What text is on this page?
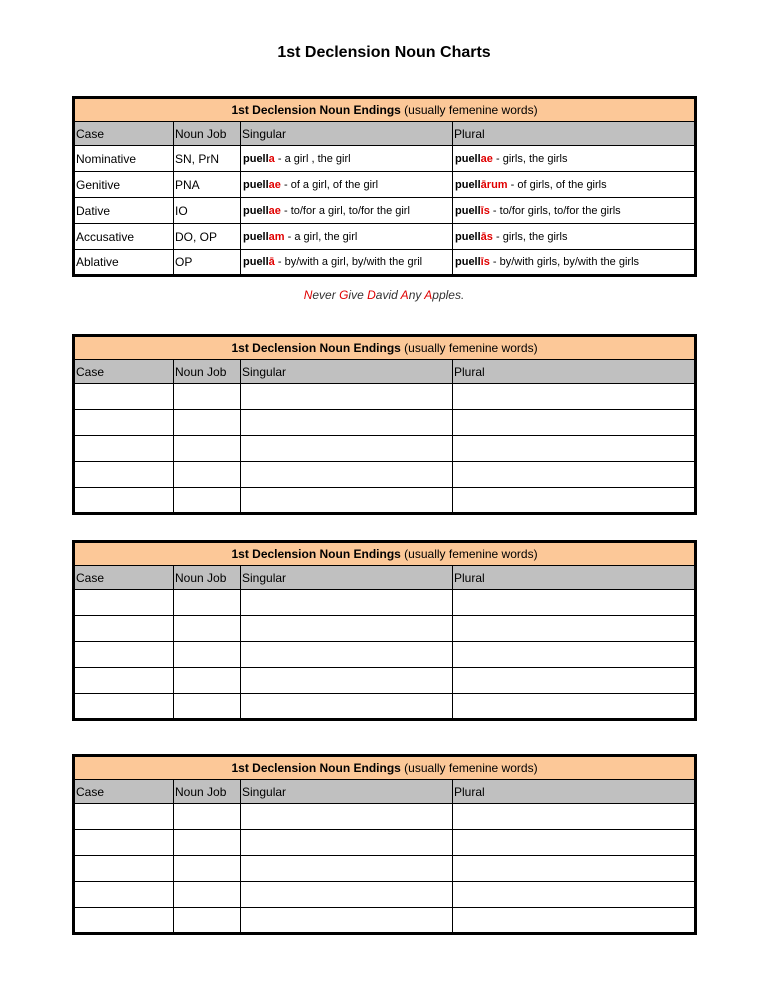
1st Declension Noun Charts
1st Declension Noun Endings (usually femenine words)			
Case	Noun Job	Singular	Plural
Nominative	SN, PrN	puella - a girl , the girl	puellae - girls, the girls
Genitive	PNA	puellae - of a girl, of the girl	puellārum - of girls, of the girls
Dative	IO	puellae - to/for a girl, to/for the girl	puellīs - to/for girls, to/for the girls
Accusative	DO, OP	puellam - a girl, the girl	puellās - girls, the girls
Ablative	OP	puellā - by/with a girl, by/with the gril	puellīs - by/with girls, by/with the girls
Never Give David Any Apples.
1st Declension Noun Endings (usually femenine words)			
Case	Noun Job	Singular	Plural

1st Declension Noun Endings (usually femenine words)			
Case	Noun Job	Singular	Plural

1st Declension Noun Endings (usually femenine words)			
Case	Noun Job	Singular	Plural
